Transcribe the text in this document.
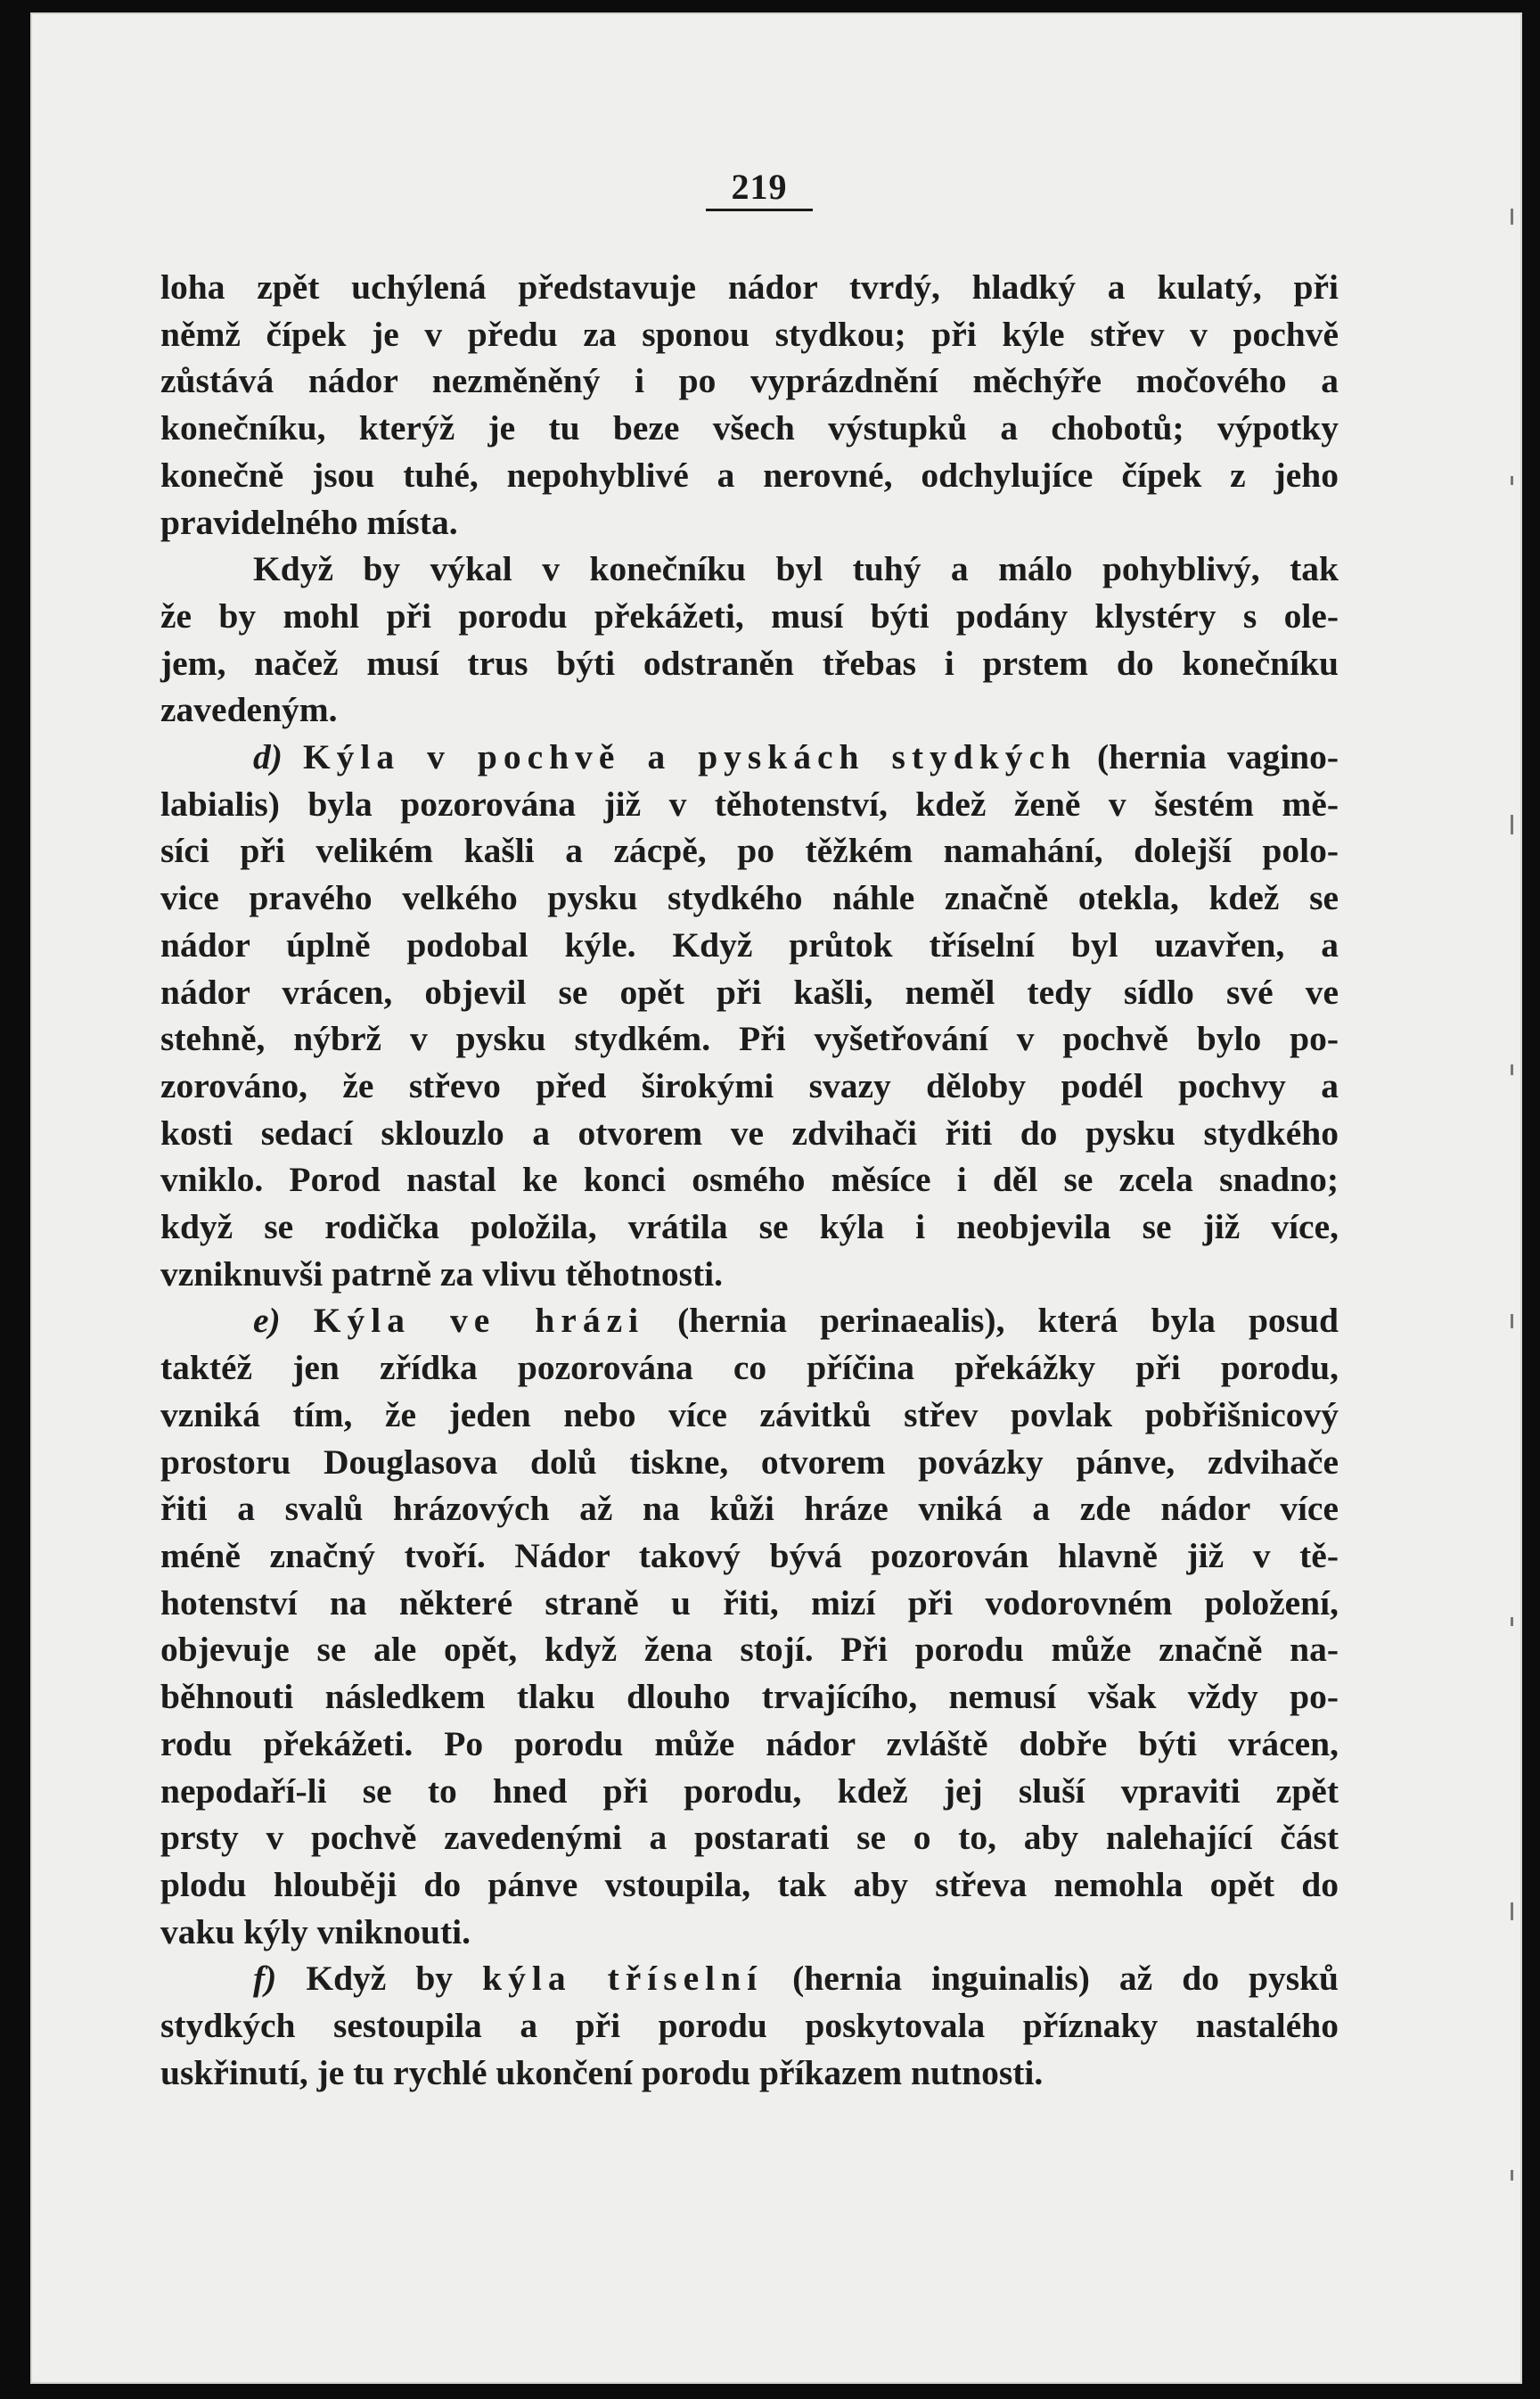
219
loha zpět uchýlená představuje nádor tvrdý, hladký a kulatý, při
němž čípek je v předu za sponou stydkou; při kýle střev v pochvě
zůstává nádor nezměněný i po vyprázdnění měchýře močového a
konečníku, kterýž je tu beze všech výstupků a chobotů; výpotky
konečně jsou tuhé, nepohyblivé a nerovné, odchylujíce čípek z jeho
pravidelného místa.
Když by výkal v konečníku byl tuhý a málo pohyblivý, tak
že by mohl při porodu překážeti, musí býti podány klystéry s ole-
jem, načež musí trus býti odstraněn třebas i prstem do konečníku
zavedeným.
d) Kýla v pochvě a pyskách stydkých (hernia vagino-
labialis) byla pozorována již v těhotenství, kdež ženě v šestém mě-
síci při velikém kašli a zácpě, po těžkém namahání, dolejší polo-
vice pravého velkého pysku stydkého náhle značně otekla, kdež se
nádor úplně podobal kýle. Když průtok tříselní byl uzavřen, a
nádor vrácen, objevil se opět při kašli, neměl tedy sídlo své ve
stehně, nýbrž v pysku stydkém. Při vyšetřování v pochvě bylo po-
zorováno, že střevo před širokými svazy děloby podél pochvy a
kosti sedací sklouzlo a otvorem ve zdvihači řiti do pysku stydkého
vniklo. Porod nastal ke konci osmého měsíce i děl se zcela snadno;
když se rodička položila, vrátila se kýla i neobjevila se již více,
vzniknuvši patrně za vlivu těhotnosti.
e) Kýla ve hrázi (hernia perinaealis), která byla posud
taktéž jen zřídka pozorována co příčina překážky při porodu,
vzniká tím, že jeden nebo více závitků střev povlak pobřišnicový
prostoru Douglasova dolů tiskne, otvorem povázky pánve, zdvihače
řiti a svalů hrázových až na kůži hráze vniká a zde nádor více
méně značný tvoří. Nádor takový bývá pozorován hlavně již v tě-
hotenství na některé straně u řiti, mizí při vodorovném položení,
objevuje se ale opět, když žena stojí. Při porodu může značně na-
běhnouti následkem tlaku dlouho trvajícího, nemusí však vždy po-
rodu překážeti. Po porodu může nádor zvláště dobře býti vrácen,
nepodaří-li se to hned při porodu, kdež jej sluší vpraviti zpět
prsty v pochvě zavedenými a postarati se o to, aby nalehající část
plodu hlouběji do pánve vstoupila, tak aby střeva nemohla opět do
vaku kýly vniknouti.
f) Když by kýla tříselní (hernia inguinalis) až do pysků
stydkých sestoupila a při porodu poskytovala příznaky nastalého
uskřinutí, je tu rychlé ukončení porodu příkazem nutnosti.
